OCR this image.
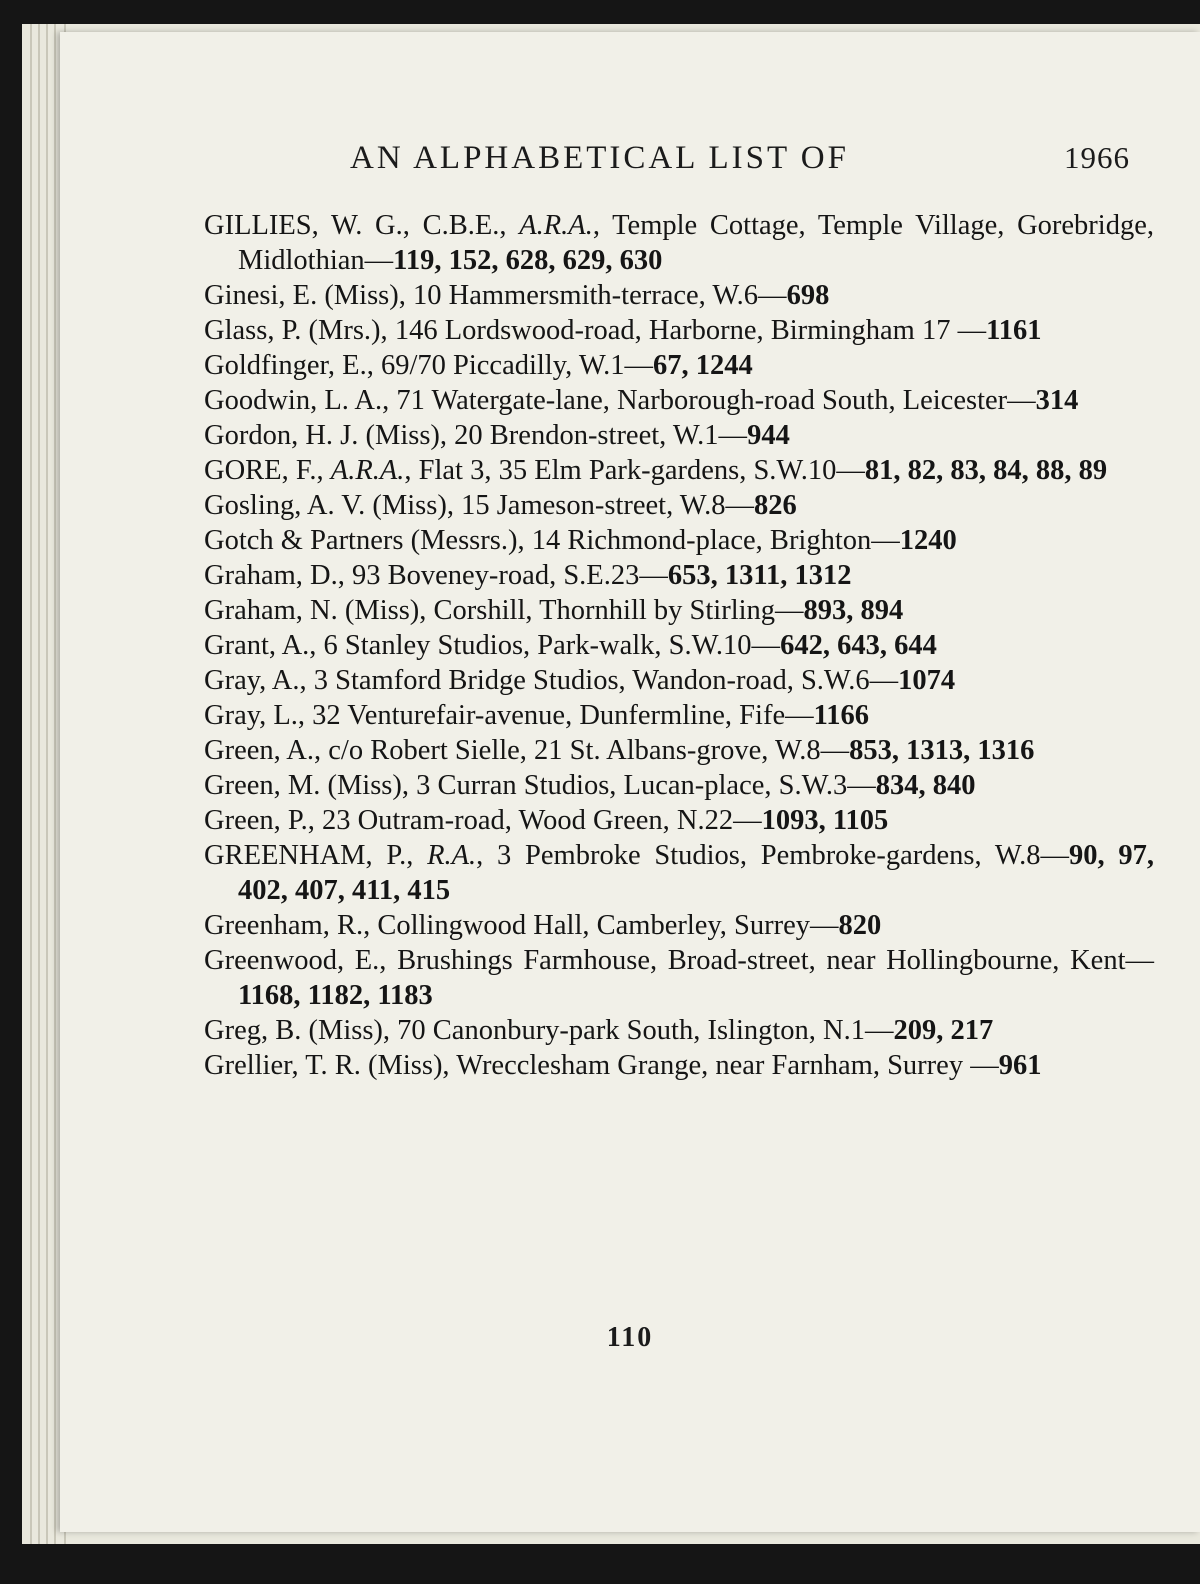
AN ALPHABETICAL LIST OF	1966

GILLIES, W. G., C.B.E., A.R.A., Temple Cottage, Temple Village, Gorebridge, Midlothian—119, 152, 628, 629, 630

Ginesi, E. (Miss), 10 Hammersmith-terrace, W.6—698

Glass, P. (Mrs.), 146 Lordswood-road, Harborne, Birmingham 17 —1161

Goldfinger, E., 69/70 Piccadilly, W.1—67, 1244

Goodwin, L. A., 71 Watergate-lane, Narborough-road South, Leicester—314

Gordon, H. J. (Miss), 20 Brendon-street, W.1—944

GORE, F., A.R.A., Flat 3, 35 Elm Park-gardens, S.W.10—81, 82, 83, 84, 88, 89

Gosling, A. V. (Miss), 15 Jameson-street, W.8—826

Gotch & Partners (Messrs.), 14 Richmond-place, Brighton—1240

Graham, D., 93 Boveney-road, S.E.23—653, 1311, 1312

Graham, N. (Miss), Corshill, Thornhill by Stirling—893, 894

Grant, A., 6 Stanley Studios, Park-walk, S.W.10—642, 643, 644

Gray, A., 3 Stamford Bridge Studios, Wandon-road, S.W.6—1074

Gray, L., 32 Venturefair-avenue, Dunfermline, Fife—1166

Green, A., c/o Robert Sielle, 21 St. Albans-grove, W.8—853, 1313, 1316

Green, M. (Miss), 3 Curran Studios, Lucan-place, S.W.3—834, 840

Green, P., 23 Outram-road, Wood Green, N.22—1093, 1105

GREENHAM, P., R.A., 3 Pembroke Studios, Pembroke-gardens, W.8—90, 97, 402, 407, 411, 415

Greenham, R., Collingwood Hall, Camberley, Surrey—820

Greenwood, E., Brushings Farmhouse, Broad-street, near Hollingbourne, Kent—1168, 1182, 1183

Greg, B. (Miss), 70 Canonbury-park South, Islington, N.1—209, 217

Grellier, T. R. (Miss), Wrecclesham Grange, near Farnham, Surrey —961

110
